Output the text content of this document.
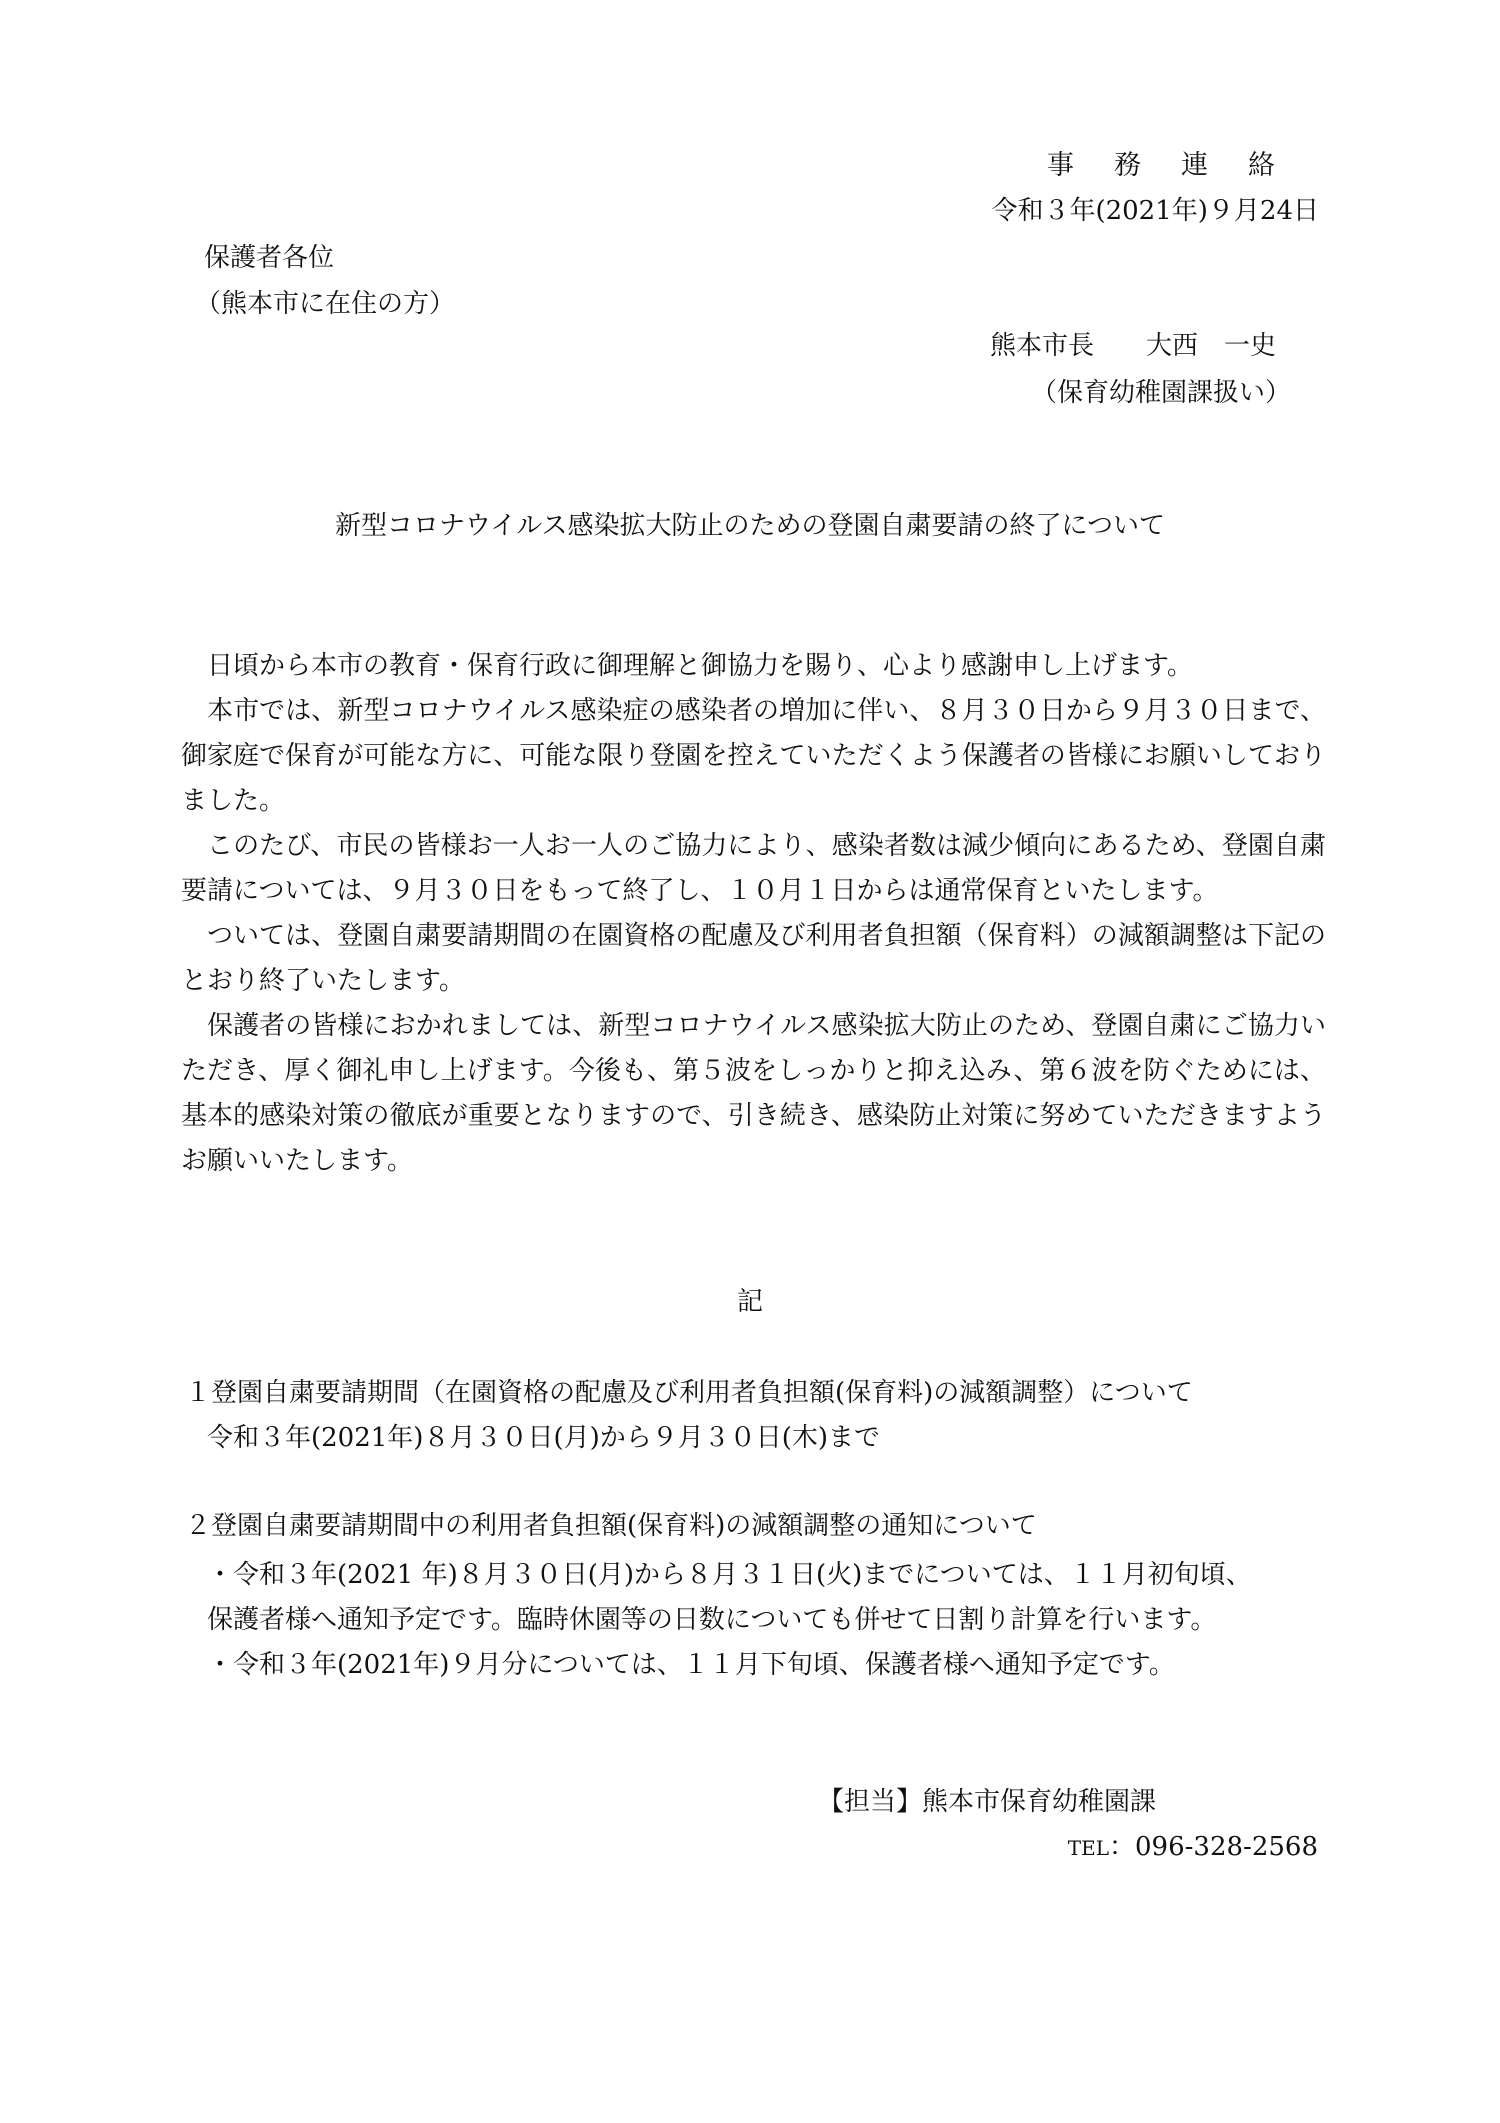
事務連絡
令和３年(2021年)９月24日
保護者各位
（熊本市に在住の方）
熊本市長　　大西　一史
（保育幼稚園課扱い）
新型コロナウイルス感染拡大防止のための登園自粛要請の終了について

日頃から本市の教育・保育行政に御理解と御協力を賜り、心より感謝申し上げます。

本市では、新型コロナウイルス感染症の感染者の増加に伴い、８月３０日から９月３０日まで、御家庭で保育が可能な方に、可能な限り登園を控えていただくよう保護者の皆様にお願いしておりました。

このたび、市民の皆様お一人お一人のご協力により、感染者数は減少傾向にあるため、登園自粛要請については、９月３０日をもって終了し、１０月１日からは通常保育といたします。

ついては、登園自粛要請期間の在園資格の配慮及び利用者負担額（保育料）の減額調整は下記のとおり終了いたします。

保護者の皆様におかれましては、新型コロナウイルス感染拡大防止のため、登園自粛にご協力いただき、厚く御礼申し上げます。今後も、第５波をしっかりと抑え込み、第６波を防ぐためには、基本的感染対策の徹底が重要となりますので、引き続き、感染防止対策に努めていただきますようお願いいたします。

記
１登園自粛要請期間（在園資格の配慮及び利用者負担額(保育料)の減額調整）について
令和３年(2021年)８月３０日(月)から９月３０日(木)まで
２登園自粛要請期間中の利用者負担額(保育料)の減額調整の通知について
・令和３年(2021 年)８月３０日(月)から８月３１日(火)までについては、１１月初旬頃、
保護者様へ通知予定です。臨時休園等の日数についても併せて日割り計算を行います。
・令和３年(2021年)９月分については、１１月下旬頃、保護者様へ通知予定です。
【担当】熊本市保育幼稚園課
TEL：096-328-2568
